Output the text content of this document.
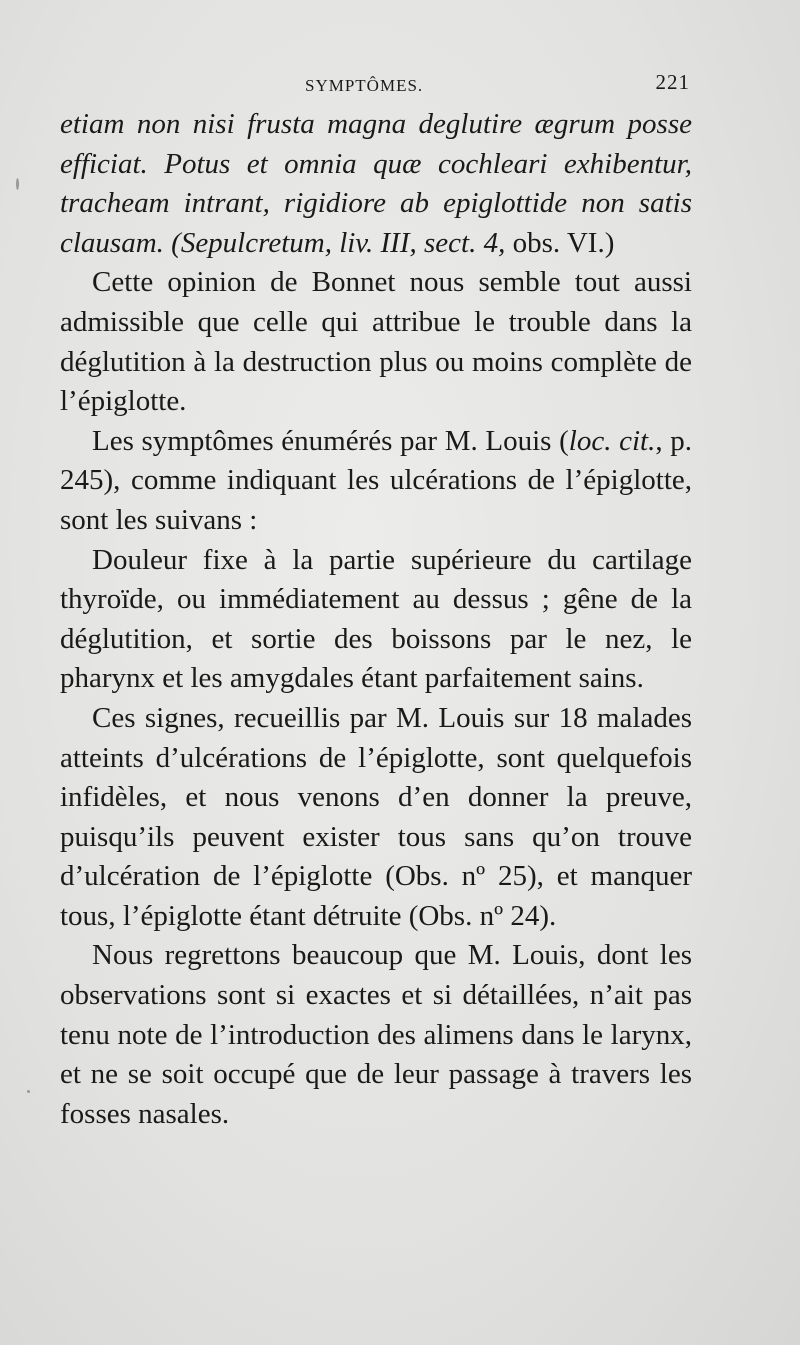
SYMPTÔMES.	221

etiam non nisi frusta magna deglutire ægrum posse efficiat. Potus et omnia quæ cochleari exhibentur, tracheam intrant, rigidiore ab epiglottide non satis clausam. (Sepulcretum, liv. III, sect. 4, obs. VI.)

Cette opinion de Bonnet nous semble tout aussi admissible que celle qui attribue le trouble dans la déglutition à la destruction plus ou moins complète de l’épiglotte.

Les symptômes énumérés par M. Louis (loc. cit., p. 245), comme indiquant les ulcérations de l’épiglotte, sont les suivans :

Douleur fixe à la partie supérieure du cartilage thyroïde, ou immédiatement au dessus ; gêne de la déglutition, et sortie des boissons par le nez, le pharynx et les amygdales étant parfaitement sains.

Ces signes, recueillis par M. Louis sur 18 malades atteints d’ulcérations de l’épiglotte, sont quelquefois infidèles, et nous venons d’en donner la preuve, puisqu’ils peuvent exister tous sans qu’on trouve d’ulcération de l’épiglotte (Obs. nº 25), et manquer tous, l’épiglotte étant détruite (Obs. nº 24).

Nous regrettons beaucoup que M. Louis, dont les observations sont si exactes et si détaillées, n’ait pas tenu note de l’introduction des alimens dans le larynx, et ne se soit occupé que de leur passage à travers les fosses nasales.
